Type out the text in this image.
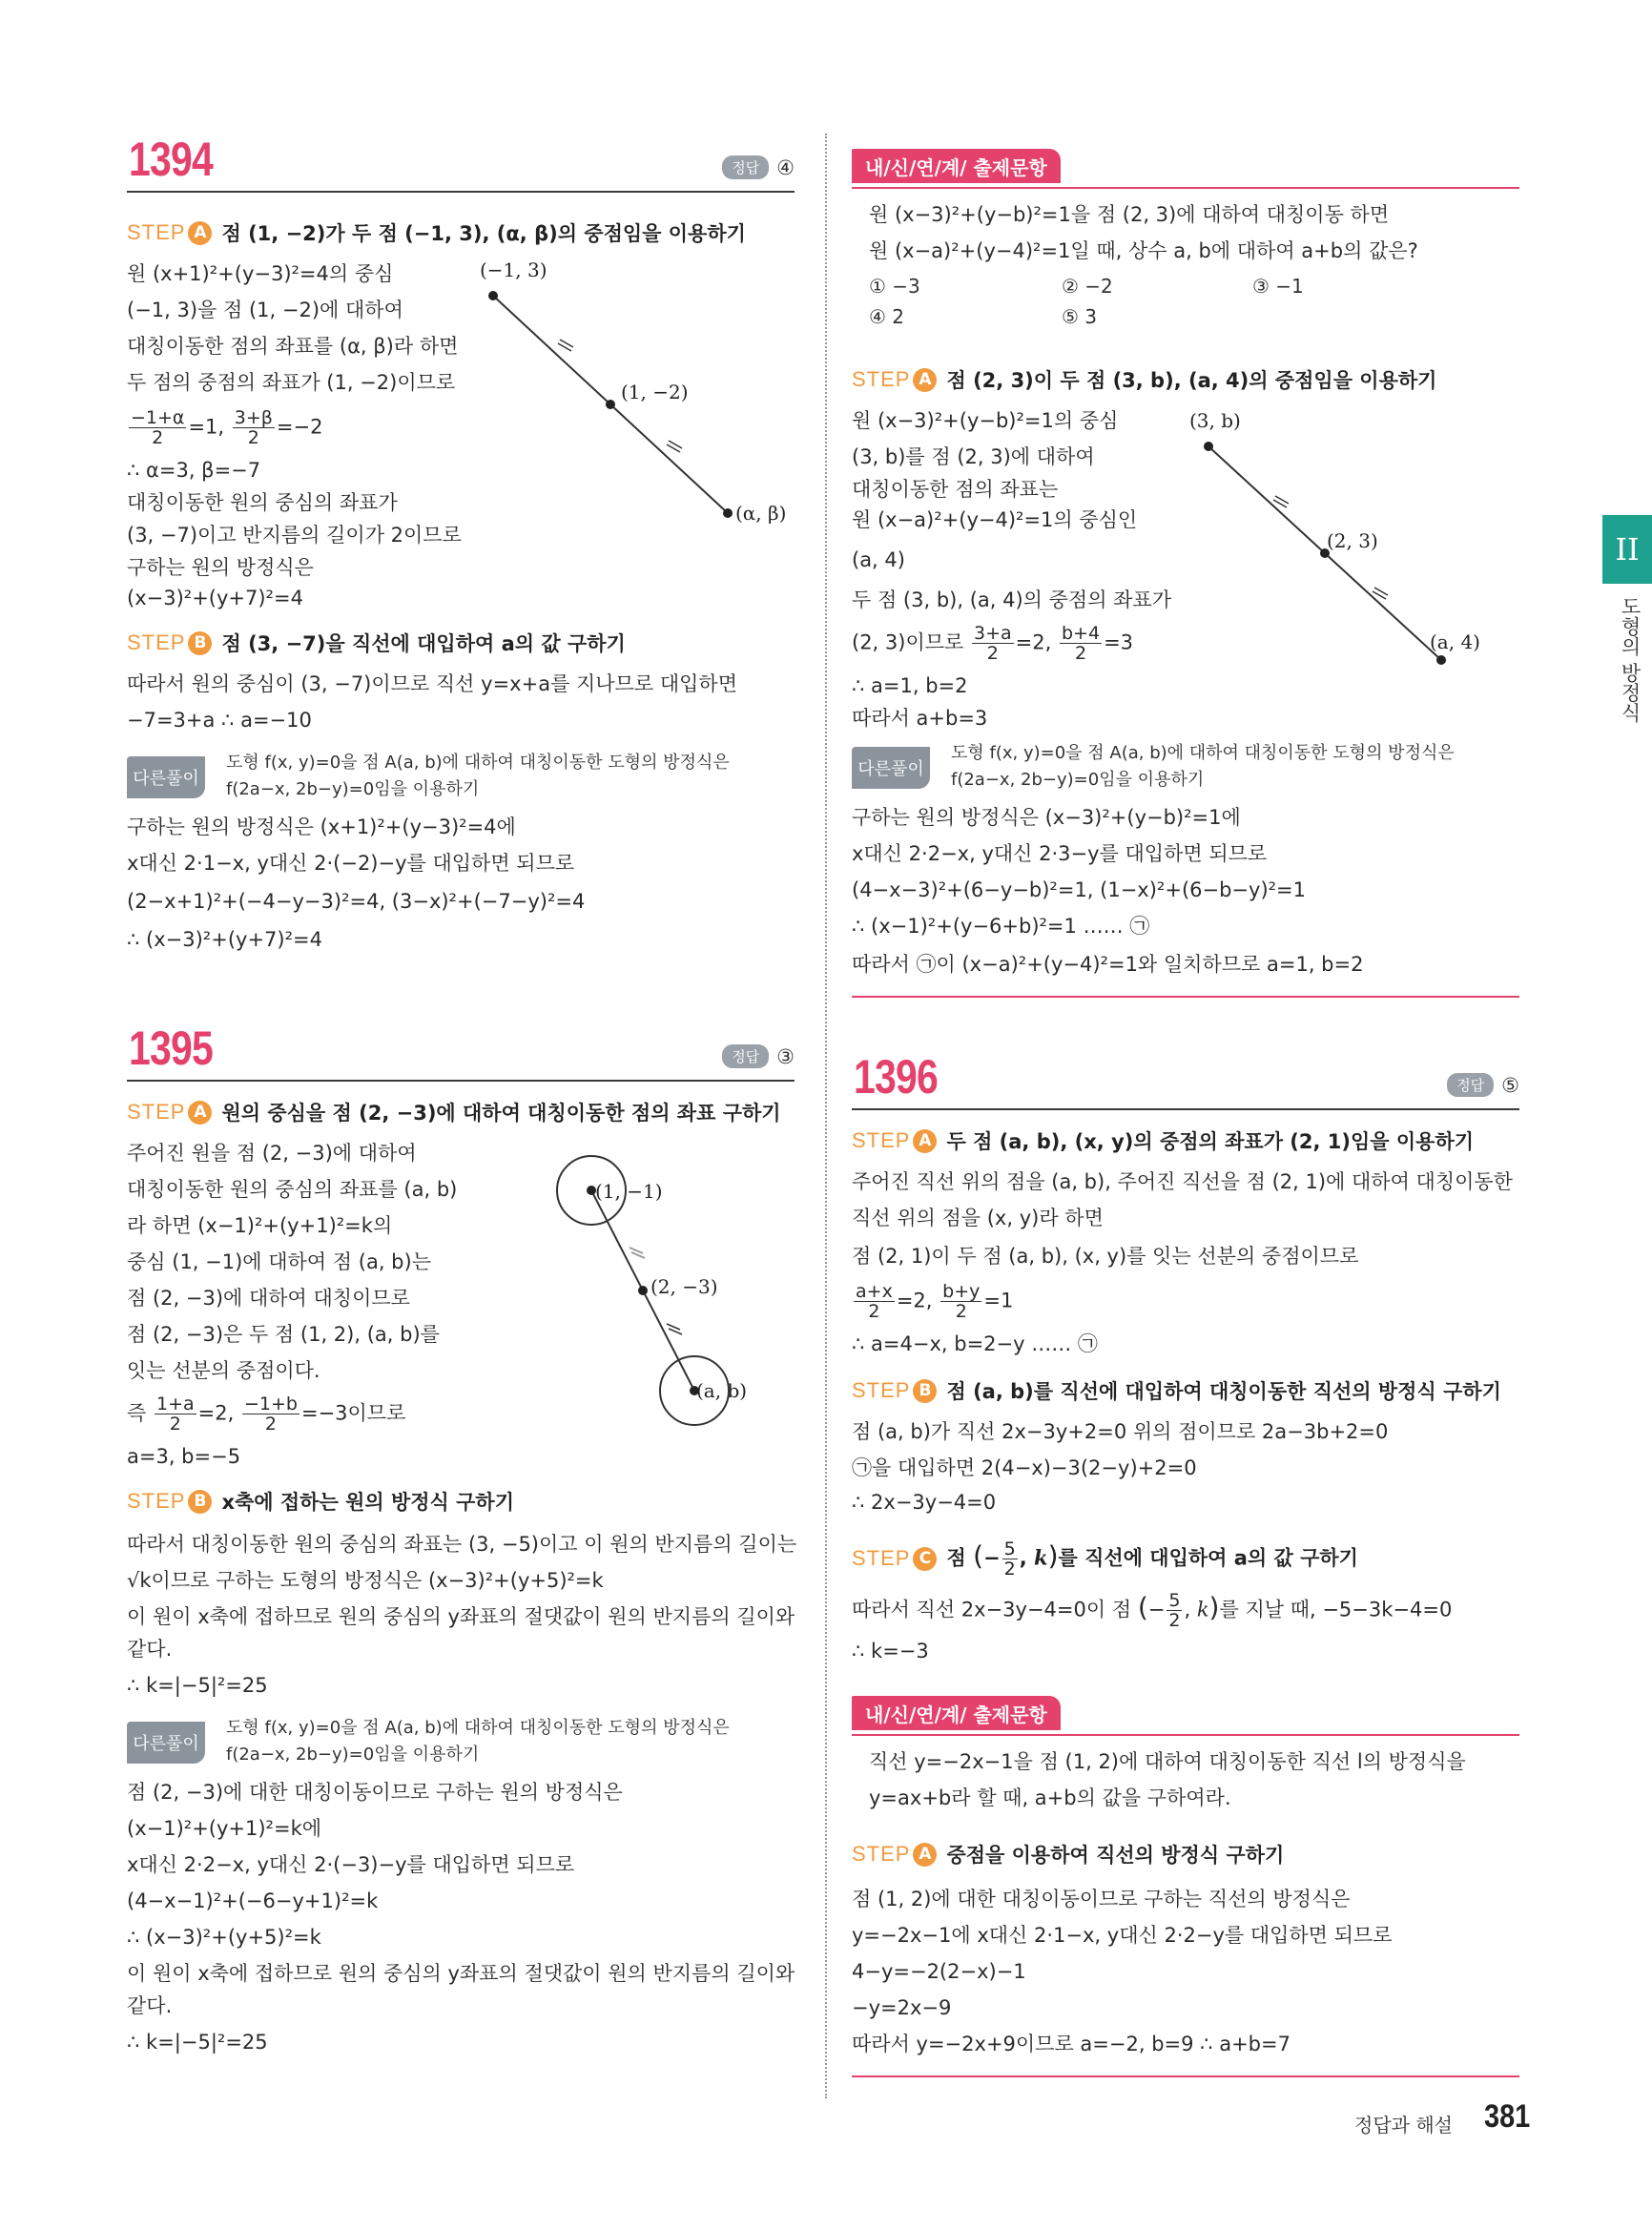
1394	정답 ④
STEP A 점 (1, −2)가 두 점 (−1, 3), (α, β)의 중점임을 이용하기
원 (x+1)²+(y−3)²=4의 중심
(−1, 3)을 점 (1, −2)에 대하여
대칭이동한 점의 좌표를 (α, β)라 하면
두 점의 중점의 좌표가 (1, −2)이므로
$\frac{-1+\alpha}{2} =1$, $\frac{3+\beta}{2} =-2$
∴ α=3, β=−7
대칭이동한 원의 중심의 좌표가
(3, −7)이고 반지름의 길이가 2이므로
구하는 원의 방정식은
(x−3)²+(y+7)²=4
(−1, 3)
(1, −2)
(α, β)
STEP B 점 (3, −7)을 직선에 대입하여 a의 값 구하기
따라서 원의 중심이 (3, −7)이므로 직선 y=x+a를 지나므로 대입하면
−7=3+a ∴ a=−10
다른풀이
도형 f(x, y)=0을 점 A(a, b)에 대하여 대칭이동한 도형의 방정식은
f(2a−x, 2b−y)=0임을 이용하기
구하는 원의 방정식은 (x+1)²+(y−3)²=4에
x대신 2·1−x, y대신 2·(−2)−y를 대입하면 되므로
(2−x+1)²+(−4−y−3)²=4, (3−x)²+(−7−y)²=4
∴ (x−3)²+(y+7)²=4
1395	정답 ③
STEP A 원의 중심을 점 (2, −3)에 대하여 대칭이동한 점의 좌표 구하기
주어진 원을 점 (2, −3)에 대하여
대칭이동한 원의 중심의 좌표를 (a, b)
라 하면 (x−1)²+(y+1)²=k의
중심 (1, −1)에 대하여 점 (a, b)는
점 (2, −3)에 대하여 대칭이므로
점 (2, −3)은 두 점 (1, 2), (a, b)를
잇는 선분의 중점이다.
즉 $\frac{1+a}{2} =2$, $\frac{-1+b}{2} =-3$이므로
a=3, b=−5
(1, −1)
(2, −3)
(a, b)
STEP B x축에 접하는 원의 방정식 구하기
따라서 대칭이동한 원의 중심의 좌표는 (3, −5)이고 이 원의 반지름의 길이는
√k이므로 구하는 도형의 방정식은 (x−3)²+(y+5)²=k
이 원이 x축에 접하므로 원의 중심의 y좌표의 절댓값이 원의 반지름의 길이와
같다.
∴ k=|−5|²=25
다른풀이
도형 f(x, y)=0을 점 A(a, b)에 대하여 대칭이동한 도형의 방정식은
f(2a−x, 2b−y)=0임을 이용하기
점 (2, −3)에 대한 대칭이동이므로 구하는 원의 방정식은
(x−1)²+(y+1)²=k에
x대신 2·2−x, y대신 2·(−3)−y를 대입하면 되므로
(4−x−1)²+(−6−y+1)²=k
∴ (x−3)²+(y+5)²=k
이 원이 x축에 접하므로 원의 중심의 y좌표의 절댓값이 원의 반지름의 길이와
같다.
∴ k=|−5|²=25
내/신/연/계/ 출제문항
원 (x−3)²+(y−b)²=1을 점 (2, 3)에 대하여 대칭이동 하면
원 (x−a)²+(y−4)²=1일 때, 상수 a, b에 대하여 a+b의 값은?
① −3	② −2	③ −1
④ 2	⑤ 3
STEP A 점 (2, 3)이 두 점 (3, b), (a, 4)의 중점임을 이용하기
원 (x−3)²+(y−b)²=1의 중심
(3, b)를 점 (2, 3)에 대하여
대칭이동한 점의 좌표는
원 (x−a)²+(y−4)²=1의 중심인
(a, 4)
두 점 (3, b), (a, 4)의 중점의 좌표가
(2, 3)이므로 $\frac{3+a}{2} =2$, $\frac{b+4}{2} =3$
∴ a=1, b=2
따라서 a+b=3
(3, b)
(2, 3)
(a, 4)
다른풀이
도형 f(x, y)=0을 점 A(a, b)에 대하여 대칭이동한 도형의 방정식은
f(2a−x, 2b−y)=0임을 이용하기
구하는 원의 방정식은 (x−3)²+(y−b)²=1에
x대신 2·2−x, y대신 2·3−y를 대입하면 되므로
(4−x−3)²+(6−y−b)²=1, (1−x)²+(6−b−y)²=1
∴ (x−1)²+(y−6+b)²=1 …… ㉠
따라서 ㉠이 (x−a)²+(y−4)²=1와 일치하므로 a=1, b=2
1396	정답 ⑤
STEP A 두 점 (a, b), (x, y)의 중점의 좌표가 (2, 1)임을 이용하기
주어진 직선 위의 점을 (a, b), 주어진 직선을 점 (2, 1)에 대하여 대칭이동한
직선 위의 점을 (x, y)라 하면
점 (2, 1)이 두 점 (a, b), (x, y)를 잇는 선분의 중점이므로
$\frac{a+x}{2} =2$, $\frac{b+y}{2} =1$
∴ a=4−x, b=2−y …… ㉠
STEP B 점 (a, b)를 직선에 대입하여 대칭이동한 직선의 방정식 구하기
점 (a, b)가 직선 2x−3y+2=0 위의 점이므로 2a−3b+2=0
㉠을 대입하면 2(4−x)−3(2−y)+2=0
∴ 2x−3y−4=0
STEP C 점 (− $\frac{5}{2}$ , k)를 직선에 대입하여 a의 값 구하기
따라서 직선 2x−3y−4=0이 점 (− $\frac{5}{2}$ , k)를 지날 때, −5−3k−4=0
∴ k=−3
내/신/연/계/ 출제문항
직선 y=−2x−1을 점 (1, 2)에 대하여 대칭이동한 직선 l의 방정식을
y=ax+b라 할 때, a+b의 값을 구하여라.
STEP A 중점을 이용하여 직선의 방정식 구하기
점 (1, 2)에 대한 대칭이동이므로 구하는 직선의 방정식은
y=−2x−1에 x대신 2·1−x, y대신 2·2−y를 대입하면 되므로
4−y=−2(2−x)−1
−y=2x−9
따라서 y=−2x+9이므로 a=−2, b=9 ∴ a+b=7
II
도형의 방정식
정답과 해설 381
